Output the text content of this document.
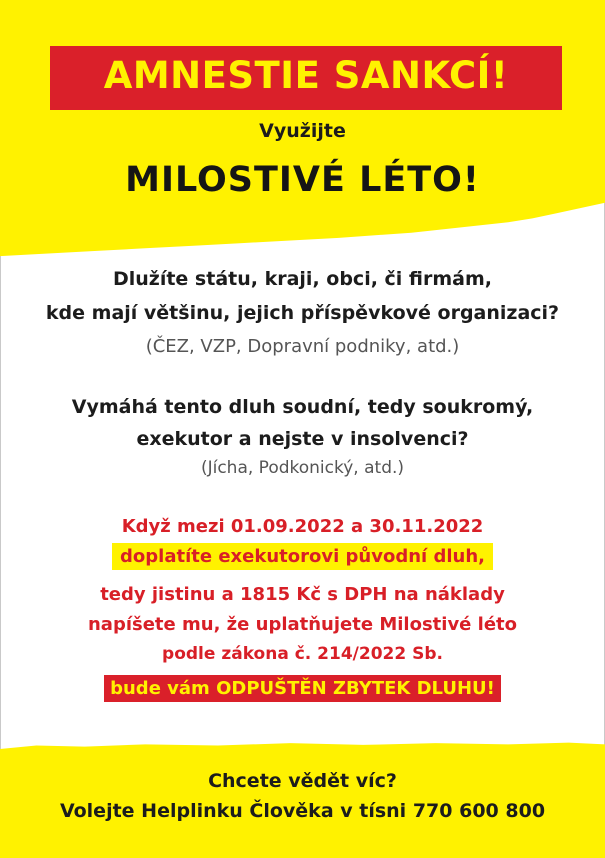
AMNESTIE SANKCÍ!
Využijte
MILOSTIVÉ LÉTO!
Dlužíte státu, kraji, obci, či firmám,
kde mají většinu, jejich příspěvkové organizaci?
(ČEZ, VZP, Dopravní podniky, atd.)
Vymáhá tento dluh soudní, tedy soukromý,
exekutor a nejste v insolvenci?
(Jícha, Podkonický, atd.)
Když mezi 01.09.2022 a 30.11.2022
doplatíte exekutorovi původní dluh,
tedy jistinu a 1815 Kč s DPH na náklady
napíšete mu, že uplatňujete Milostivé léto
podle zákona č. 214/2022 Sb.
bude vám ODPUŠTĚN ZBYTEK DLUHU!
Chcete vědět víc?
Volejte Helplinku Člověka v tísni 770 600 800
